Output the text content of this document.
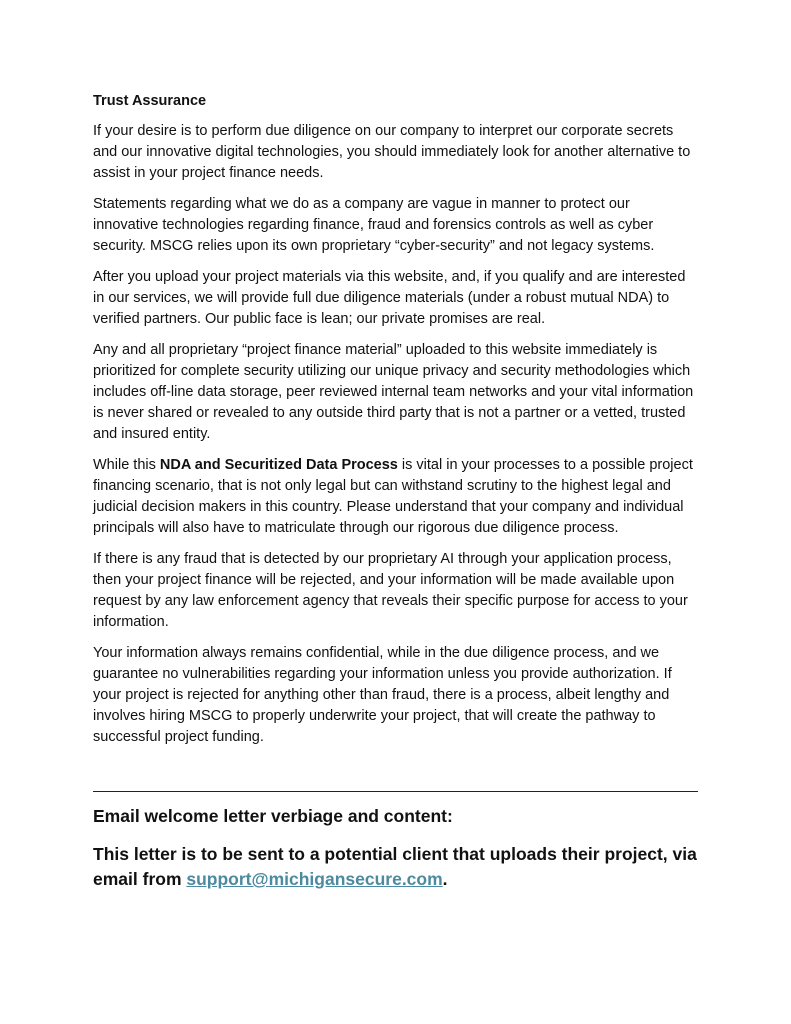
Trust Assurance

If your desire is to perform due diligence on our company to interpret our corporate secrets and our innovative digital technologies, you should immediately look for another alternative to assist in your project finance needs.

Statements regarding what we do as a company are vague in manner to protect our innovative technologies regarding finance, fraud and forensics controls as well as cyber security. MSCG relies upon its own proprietary “cyber-security” and not legacy systems.

After you upload your project materials via this website, and, if you qualify and are interested in our services, we will provide full due diligence materials (under a robust mutual NDA) to verified partners. Our public face is lean; our private promises are real.

Any and all proprietary “project finance material” uploaded to this website immediately is prioritized for complete security utilizing our unique privacy and security methodologies which includes off-line data storage, peer reviewed internal team networks and your vital information is never shared or revealed to any outside third party that is not a partner or a vetted, trusted and insured entity.

While this NDA and Securitized Data Process is vital in your processes to a possible project financing scenario, that is not only legal but can withstand scrutiny to the highest legal and judicial decision makers in this country. Please understand that your company and individual principals will also have to matriculate through our rigorous due diligence process.

If there is any fraud that is detected by our proprietary AI through your application process, then your project finance will be rejected, and your information will be made available upon request by any law enforcement agency that reveals their specific purpose for access to your information.

Your information always remains confidential, while in the due diligence process, and we guarantee no vulnerabilities regarding your information unless you provide authorization. If your project is rejected for anything other than fraud, there is a process, albeit lengthy and involves hiring MSCG to properly underwrite your project, that will create the pathway to successful project funding.

Email welcome letter verbiage and content:

This letter is to be sent to a potential client that uploads their project, via email from support@michigansecure.com.
